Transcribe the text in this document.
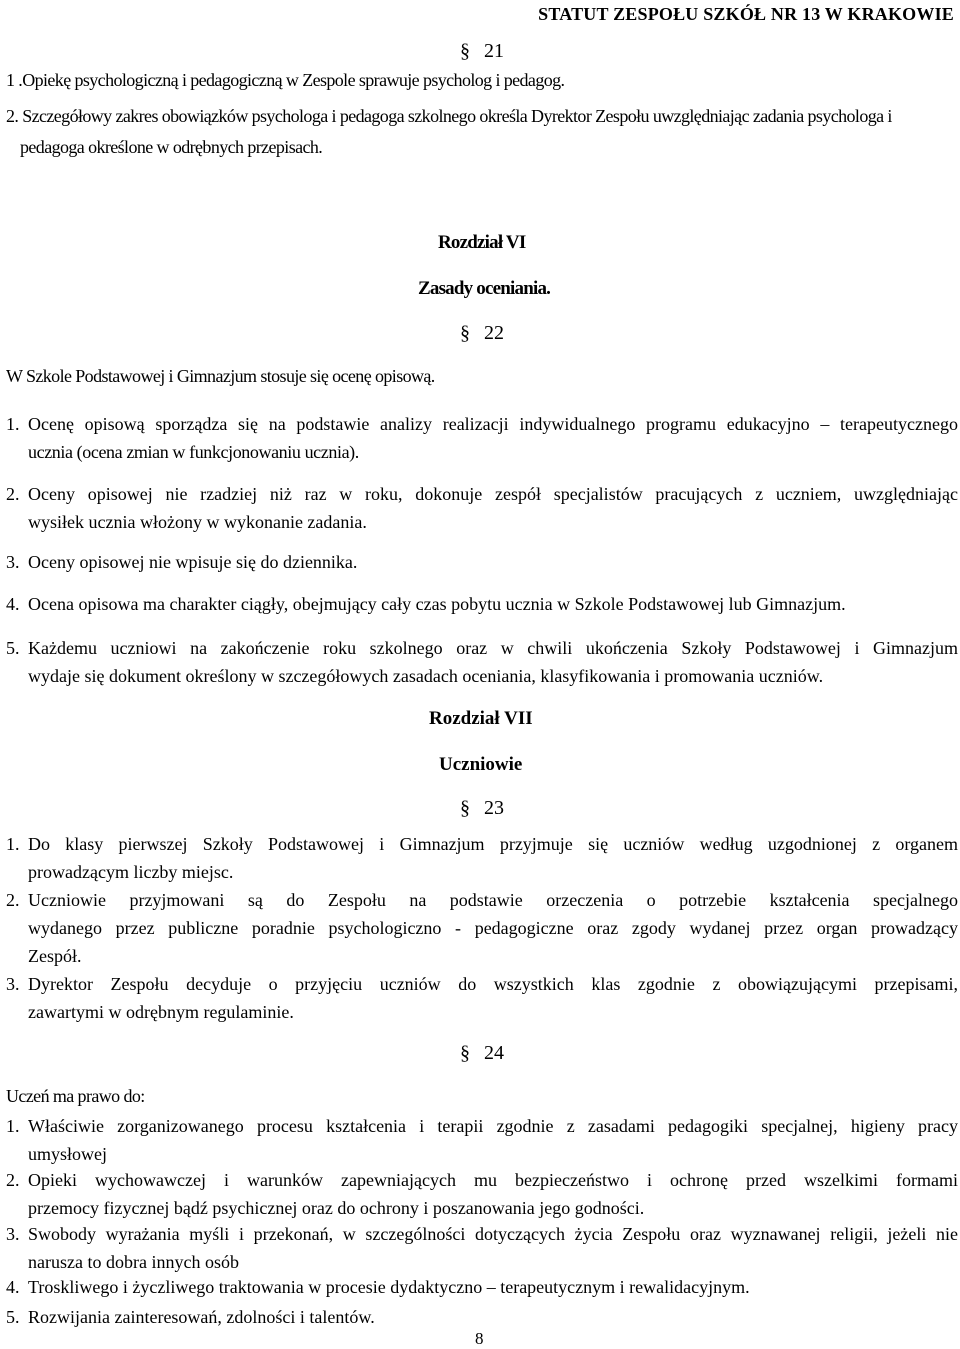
STATUT ZESPOŁU SZKÓŁ NR 13 W KRAKOWIE
§ 21
1 .Opiekę psychologiczną i pedagogiczną w Zespole sprawuje psycholog i pedagog.
2. Szczegółowy zakres obowiązków psychologa i pedagoga szkolnego określa Dyrektor Zespołu uwzględniając zadania psychologa i
pedagoga określone w odrębnych przepisach.
Rozdział VI
Zasady oceniania.
§ 22
W Szkole Podstawowej i Gimnazjum stosuje się ocenę opisową.
1. Ocenę opisową sporządza się na podstawie analizy realizacji indywidualnego programu edukacyjno – terapeutycznego
ucznia (ocena zmian w funkcjonowaniu ucznia).
2. Oceny opisowej nie rzadziej niż raz w roku, dokonuje zespół specjalistów pracujących z uczniem, uwzględniając
wysiłek ucznia włożony w wykonanie zadania.
3. Oceny opisowej nie wpisuje się do dziennika.
4. Ocena opisowa ma charakter ciągły, obejmujący cały czas pobytu ucznia w Szkole Podstawowej lub Gimnazjum.
5. Każdemu uczniowi na zakończenie roku szkolnego oraz w chwili ukończenia Szkoły Podstawowej i Gimnazjum
wydaje się dokument określony w szczegółowych zasadach oceniania, klasyfikowania i promowania uczniów.
Rozdział VII
Uczniowie
§ 23
1. Do klasy pierwszej Szkoły Podstawowej i Gimnazjum przyjmuje się uczniów według uzgodnionej z organem
prowadzącym liczby miejsc.
2. Uczniowie przyjmowani są do Zespołu na podstawie orzeczenia o potrzebie kształcenia specjalnego
wydanego przez publiczne poradnie psychologiczno - pedagogiczne oraz zgody wydanej przez organ prowadzący
Zespół.
3. Dyrektor Zespołu decyduje o przyjęciu uczniów do wszystkich klas zgodnie z obowiązującymi przepisami,
zawartymi w odrębnym regulaminie.
§ 24
Uczeń ma prawo do:
1. Właściwie zorganizowanego procesu kształcenia i terapii zgodnie z zasadami pedagogiki specjalnej, higieny pracy
umysłowej
2. Opieki wychowawczej i warunków zapewniających mu bezpieczeństwo i ochronę przed wszelkimi formami
przemocy fizycznej bądź psychicznej oraz do ochrony i poszanowania jego godności.
3. Swobody wyrażania myśli i przekonań, w szczególności dotyczących życia Zespołu oraz wyznawanej religii, jeżeli nie
narusza to dobra innych osób
4. Troskliwego i życzliwego traktowania w procesie dydaktyczno – terapeutycznym i rewalidacyjnym.
5. Rozwijania zainteresowań, zdolności i talentów.
8
